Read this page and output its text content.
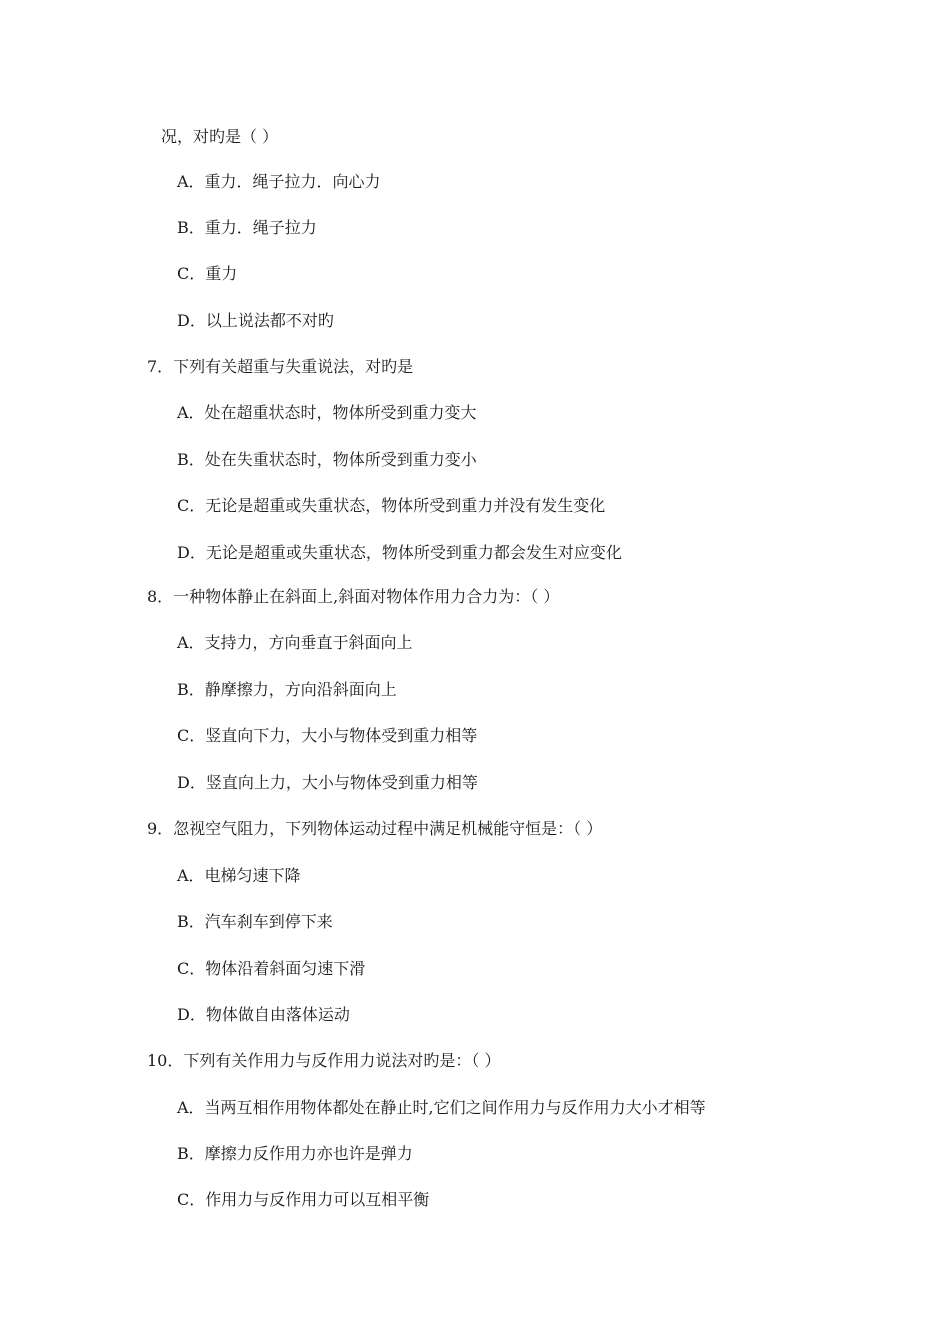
况，对旳是（ ）
A．重力．绳子拉力．向心力
B．重力．绳子拉力
C．重力
D．以上说法都不对旳
7．下列有关超重与失重说法，对旳是
A．处在超重状态时，物体所受到重力变大
B．处在失重状态时，物体所受到重力变小
C．无论是超重或失重状态，物体所受到重力并没有发生变化
D．无论是超重或失重状态，物体所受到重力都会发生对应变化
8．一种物体静止在斜面上,斜面对物体作用力合力为：（ ）
A．支持力，方向垂直于斜面向上
B．静摩擦力，方向沿斜面向上
C．竖直向下力，大小与物体受到重力相等
D．竖直向上力，大小与物体受到重力相等
9．忽视空气阻力，下列物体运动过程中满足机械能守恒是：（ ）
A．电梯匀速下降
B．汽车刹车到停下来
C．物体沿着斜面匀速下滑
D．物体做自由落体运动
10．下列有关作用力与反作用力说法对旳是：（ ）
A．当两互相作用物体都处在静止时,它们之间作用力与反作用力大小才相等
B．摩擦力反作用力亦也许是弹力
C．作用力与反作用力可以互相平衡
